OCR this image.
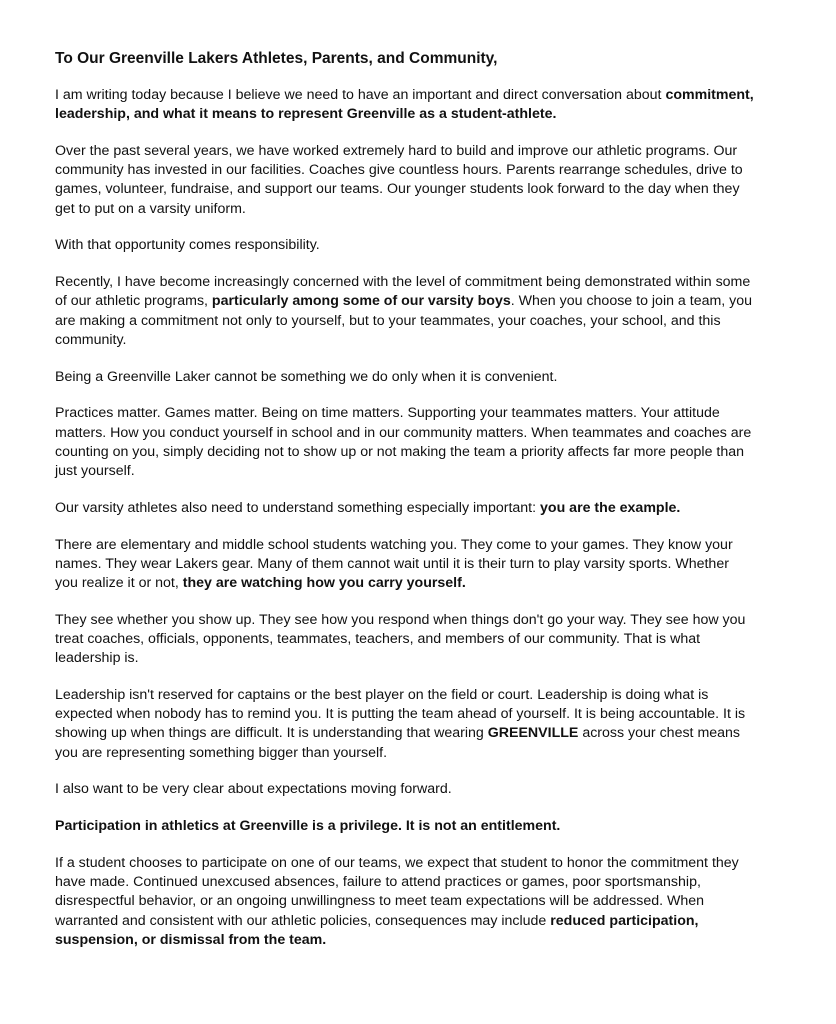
To Our Greenville Lakers Athletes, Parents, and Community,
I am writing today because I believe we need to have an important and direct conversation about commitment, leadership, and what it means to represent Greenville as a student-athlete.
Over the past several years, we have worked extremely hard to build and improve our athletic programs. Our community has invested in our facilities. Coaches give countless hours. Parents rearrange schedules, drive to games, volunteer, fundraise, and support our teams. Our younger students look forward to the day when they get to put on a varsity uniform.
With that opportunity comes responsibility.
Recently, I have become increasingly concerned with the level of commitment being demonstrated within some of our athletic programs, particularly among some of our varsity boys. When you choose to join a team, you are making a commitment not only to yourself, but to your teammates, your coaches, your school, and this community.
Being a Greenville Laker cannot be something we do only when it is convenient.
Practices matter. Games matter. Being on time matters. Supporting your teammates matters. Your attitude matters. How you conduct yourself in school and in our community matters. When teammates and coaches are counting on you, simply deciding not to show up or not making the team a priority affects far more people than just yourself.
Our varsity athletes also need to understand something especially important: you are the example.
There are elementary and middle school students watching you. They come to your games. They know your names. They wear Lakers gear. Many of them cannot wait until it is their turn to play varsity sports. Whether you realize it or not, they are watching how you carry yourself.
They see whether you show up. They see how you respond when things don't go your way. They see how you treat coaches, officials, opponents, teammates, teachers, and members of our community. That is what leadership is.
Leadership isn't reserved for captains or the best player on the field or court. Leadership is doing what is expected when nobody has to remind you. It is putting the team ahead of yourself. It is being accountable. It is showing up when things are difficult. It is understanding that wearing GREENVILLE across your chest means you are representing something bigger than yourself.
I also want to be very clear about expectations moving forward.
Participation in athletics at Greenville is a privilege. It is not an entitlement.
If a student chooses to participate on one of our teams, we expect that student to honor the commitment they have made. Continued unexcused absences, failure to attend practices or games, poor sportsmanship, disrespectful behavior, or an ongoing unwillingness to meet team expectations will be addressed. When warranted and consistent with our athletic policies, consequences may include reduced participation, suspension, or dismissal from the team.
